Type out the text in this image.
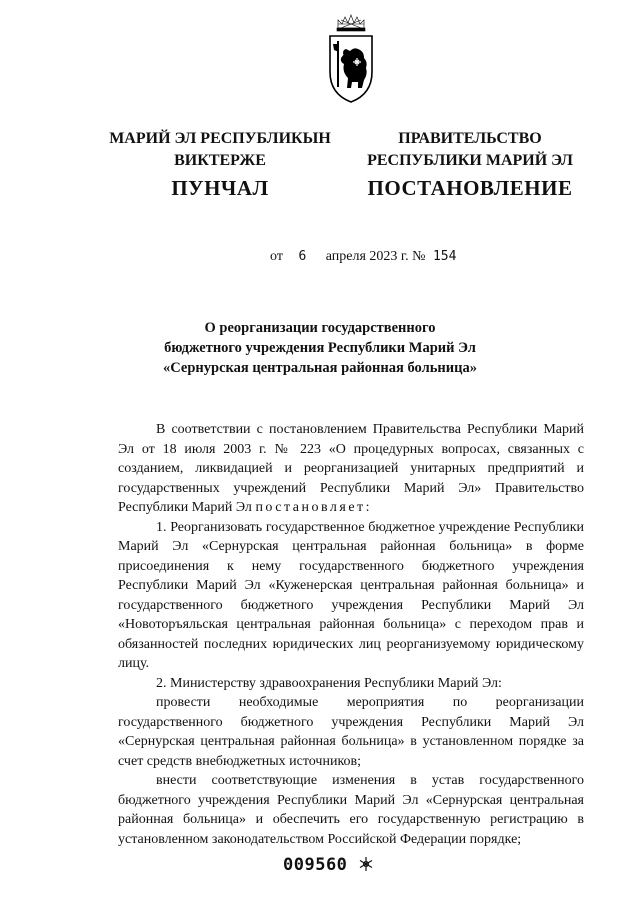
МАРИЙ ЭЛ РЕСПУБЛИКЫН
ВИКТЕРЖЕ
ПРАВИТЕЛЬСТВО
РЕСПУБЛИКИ МАРИЙ ЭЛ
ПУНЧАЛ	ПОСТАНОВЛЕНИЕ
от 6 апреля 2023 г. № 154
О реорганизации государственного
бюджетного учреждения Республики Марий Эл
«Сернурская центральная районная больница»

В соответствии с постановлением Правительства Республики Марий Эл от 18 июля 2003 г. № 223 «О процедурных вопросах, связанных с созданием, ликвидацией и реорганизацией унитарных предприятий и государственных учреждений Республики Марий Эл» Правительство Республики Марий Эл постановляет:

1. Реорганизовать государственное бюджетное учреждение Республики Марий Эл «Сернурская центральная районная больница» в форме присоединения к нему государственного бюджетного учреждения Республики Марий Эл «Куженерская центральная районная больница» и государственного бюджетного учреждения Республики Марий Эл «Новоторъяльская центральная районная больница» с переходом прав и обязанностей последних юридических лиц реорганизуемому юридическому лицу.

2. Министерству здравоохранения Республики Марий Эл:

провести необходимые мероприятия по реорганизации государственного бюджетного учреждения Республики Марий Эл «Сернурская центральная районная больница» в установленном порядке за счет средств внебюджетных источников;

внести соответствующие изменения в устав государственного бюджетного учреждения Республики Марий Эл «Сернурская центральная районная больница» и обеспечить его государственную регистрацию в установленном законодательством Российской Федерации порядке;

009560
